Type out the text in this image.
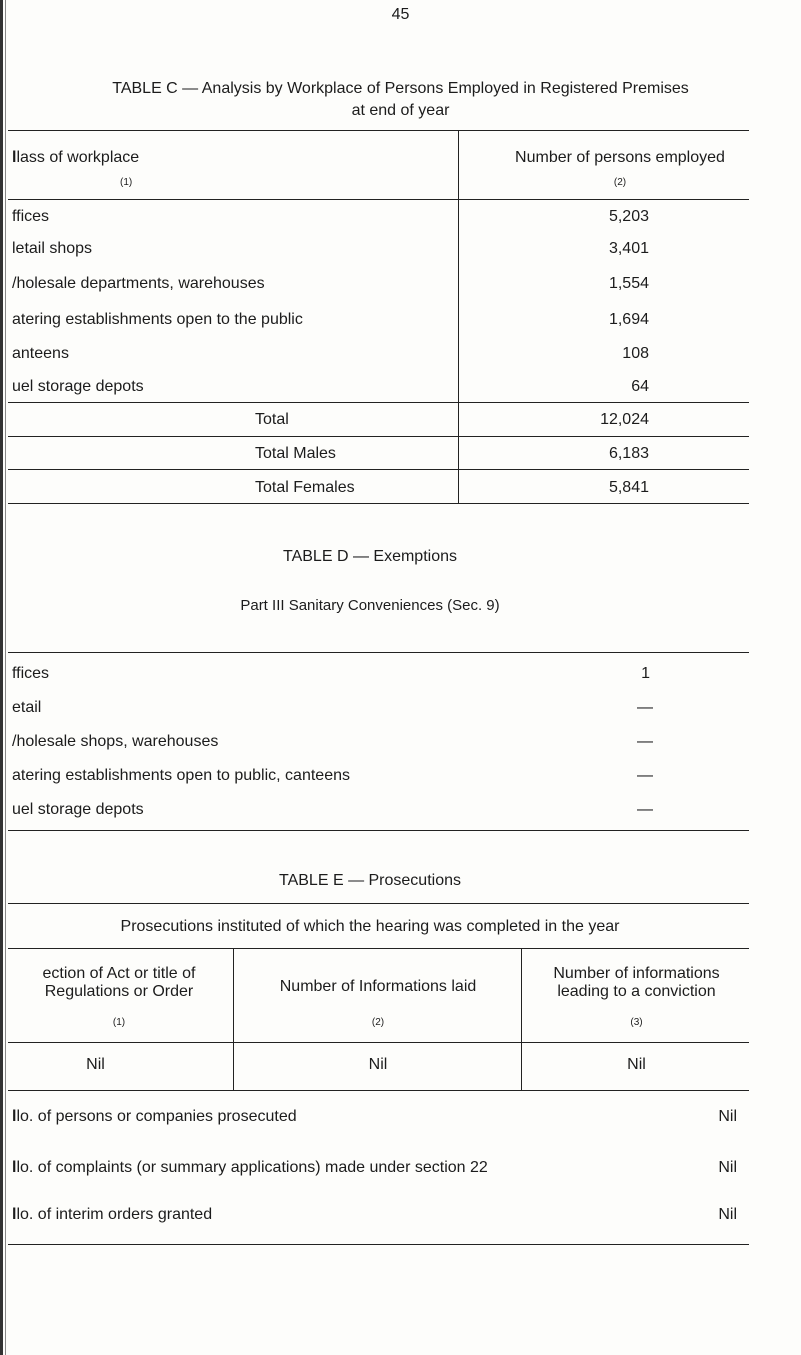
45
TABLE C — Analysis by Workplace of Persons Employed in Registered Premises
at end of year
llass of workplace
(1)
Number of persons employed
(2)
ffices	5,203
letail shops	3,401
/holesale departments, warehouses	1,554
atering establishments open to the public	1,694
anteens	108
uel storage depots	64
Total	12,024
Total Males	6,183
Total Females	5,841
TABLE D — Exemptions
Part III Sanitary Conveniences (Sec. 9)
ffices	1
etail	—
/holesale shops, warehouses	—
atering establishments open to public, canteens	—
uel storage depots	—
TABLE E — Prosecutions
Prosecutions instituted of which the hearing was completed in the year
ection of Act or title of
Regulations or Order
(1)
Number of Informations laid
(2)
Number of informations
leading to a conviction
(3)
Nil	Nil	Nil
llo. of persons or companies prosecuted	Nil
llo. of complaints (or summary applications) made under section 22	Nil
llo. of interim orders granted	Nil
